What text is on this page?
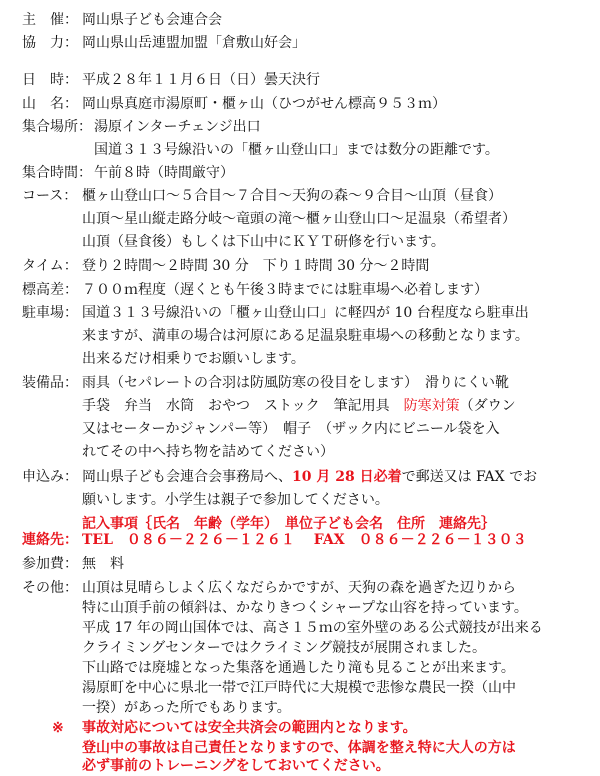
主　催： 岡山県子ども会連合会
協　力： 岡山県山岳連盟加盟「倉敷山好会」
日　時： 平成２８年１１月６日（日）曇天決行
山　名： 岡山県真庭市湯原町・櫃ヶ山（ひつがせん標高９５３ｍ）
集合場所： 湯原インターチェンジ出口
国道３１３号線沿いの「櫃ヶ山登山口」までは数分の距離です。
集合時間： 午前８時（時間厳守）
コース： 櫃ヶ山登山口～５合目～７合目～天狗の森～９合目～山頂（昼食）
山頂～星山縦走路分岐～竜頭の滝～櫃ヶ山登山口～足温泉（希望者）
山頂（昼食後）もしくは下山中にＫＹＴ研修を行います。
タイム： 登り２時間～２時間 30 分　下り１時間 30 分～２時間
標高差： ７００ｍ程度（遅くとも午後３時までには駐車場へ必着します）
駐車場： 国道３１３号線沿いの「櫃ヶ山登山口」に軽四が 10 台程度なら駐車出
来ますが、満車の場合は河原にある足温泉駐車場への移動となります。
出来るだけ相乗りでお願いします。
装備品： 雨具（セパレートの合羽は防風防寒の役目をします）　滑りにくい靴
手袋　弁当　水筒　おやつ　ストック　筆記用具　防寒対策（ダウン
又はセーターかジャンパー等）　帽子　（ザック内にビニール袋を入
れてその中へ持ち物を詰めてください）
申込み： 岡山県子ども会連合会事務局へ、10 月 28 日必着で郵送又は FAX でお
願いします。小学生は親子で参加してください。
記入事項｛氏名　年齢（学年）　単位子ども会名　住所　連絡先｝
連絡先： TEL　０８６－２２６－１２６１　 FAX　０８６－２２６－１３０３
参加費： 無　料
その他： 山頂は見晴らしよく広くなだらかですが、天狗の森を過ぎた辺りから
特に山頂手前の傾斜は、かなりきつくシャープな山容を持っています。
平成 17 年の岡山国体では、高さ１５ｍの室外壁のある公式競技が出来る
クライミングセンターではクライミング競技が展開されました。
下山路では廃墟となった集落を通過したり滝も見ることが出来ます。
湯原町を中心に県北一帯で江戸時代に大規模で悲惨な農民一揆（山中
一揆）があった所でもあります。
※ 事故対応については安全共済会の範囲内となります。
登山中の事故は自己責任となりますので、体調を整え特に大人の方は
必ず事前のトレーニングをしておいてください。
